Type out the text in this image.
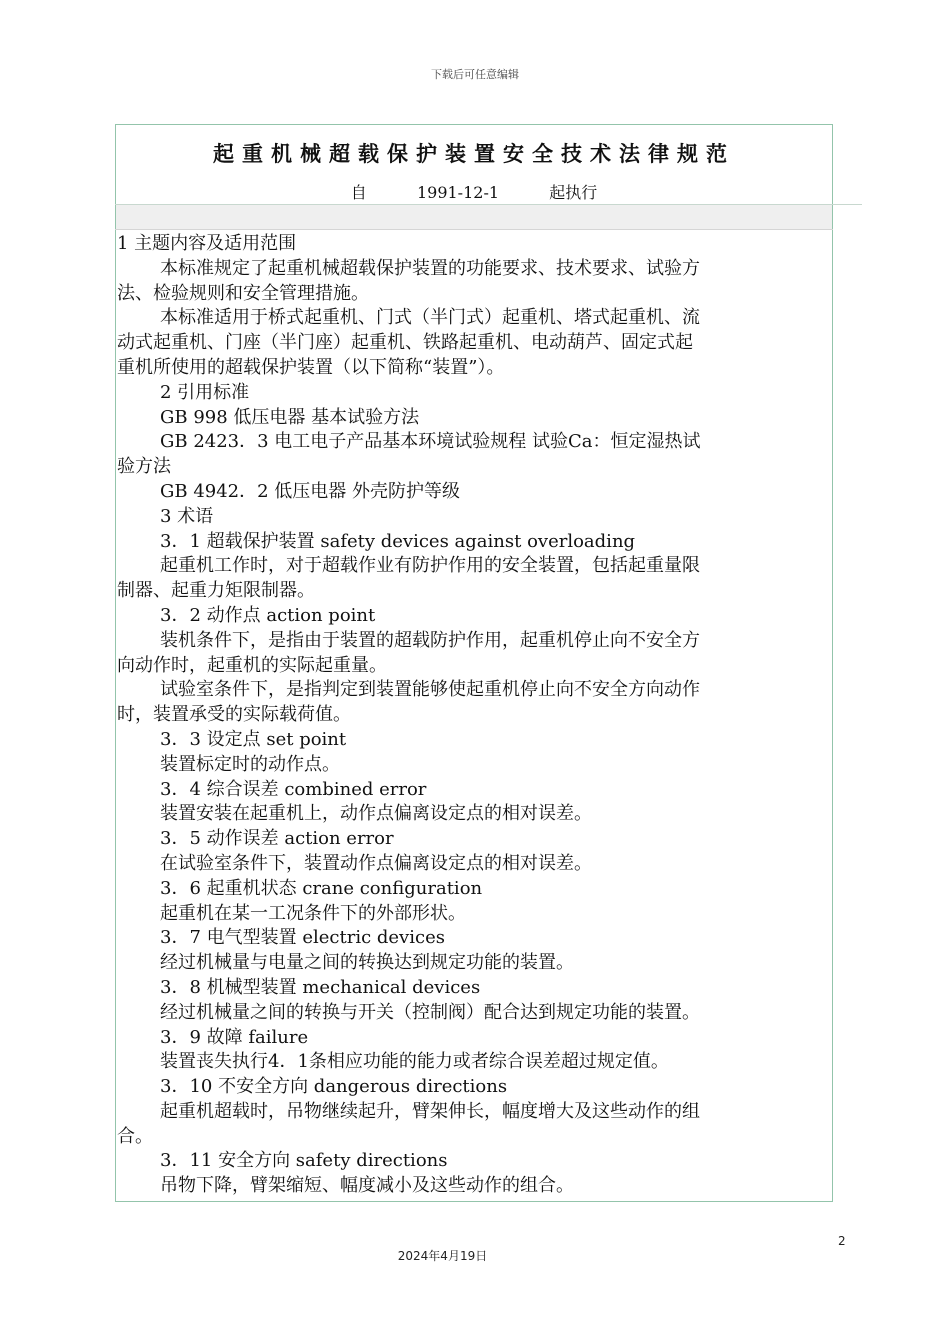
下载后可任意编辑
起重机械超载保护装置安全技术法律规范
自	1991-12-1	起执行

1 主题内容及适用范围

本标准规定了起重机械超载保护装置的功能要求、技术要求、试验方

法、检验规则和安全管理措施。

本标准适用于桥式起重机、门式（半门式）起重机、塔式起重机、流

动式起重机、门座（半门座）起重机、铁路起重机、电动葫芦、固定式起

重机所使用的超载保护装置（以下简称“装置”）。

2 引用标准

GB 998 低压电器 基本试验方法

GB 2423．3 电工电子产品基本环境试验规程 试验Ca：恒定湿热试

验方法

GB 4942．2 低压电器 外壳防护等级

3 术语

3．1 超载保护装置 safety devices against overloading

起重机工作时，对于超载作业有防护作用的安全装置，包括起重量限

制器、起重力矩限制器。

3．2 动作点 action point

装机条件下，是指由于装置的超载防护作用，起重机停止向不安全方

向动作时，起重机的实际起重量。

试验室条件下，是指判定到装置能够使起重机停止向不安全方向动作

时，装置承受的实际载荷值。

3．3 设定点 set point

装置标定时的动作点。

3．4 综合误差 combined error

装置安装在起重机上，动作点偏离设定点的相对误差。

3．5 动作误差 action error

在试验室条件下，装置动作点偏离设定点的相对误差。

3．6 起重机状态 crane configuration

起重机在某一工况条件下的外部形状。

3．7 电气型装置 electric devices

经过机械量与电量之间的转换达到规定功能的装置。

3．8 机械型装置 mechanical devices

经过机械量之间的转换与开关（控制阀）配合达到规定功能的装置。

3．9 故障 failure

装置丧失执行4．1条相应功能的能力或者综合误差超过规定值。

3．10 不安全方向 dangerous directions

起重机超载时，吊物继续起升，臂架伸长，幅度增大及这些动作的组

合。

3．11 安全方向 safety directions

吊物下降，臂架缩短、幅度减小及这些动作的组合。

2
2024年4月19日
